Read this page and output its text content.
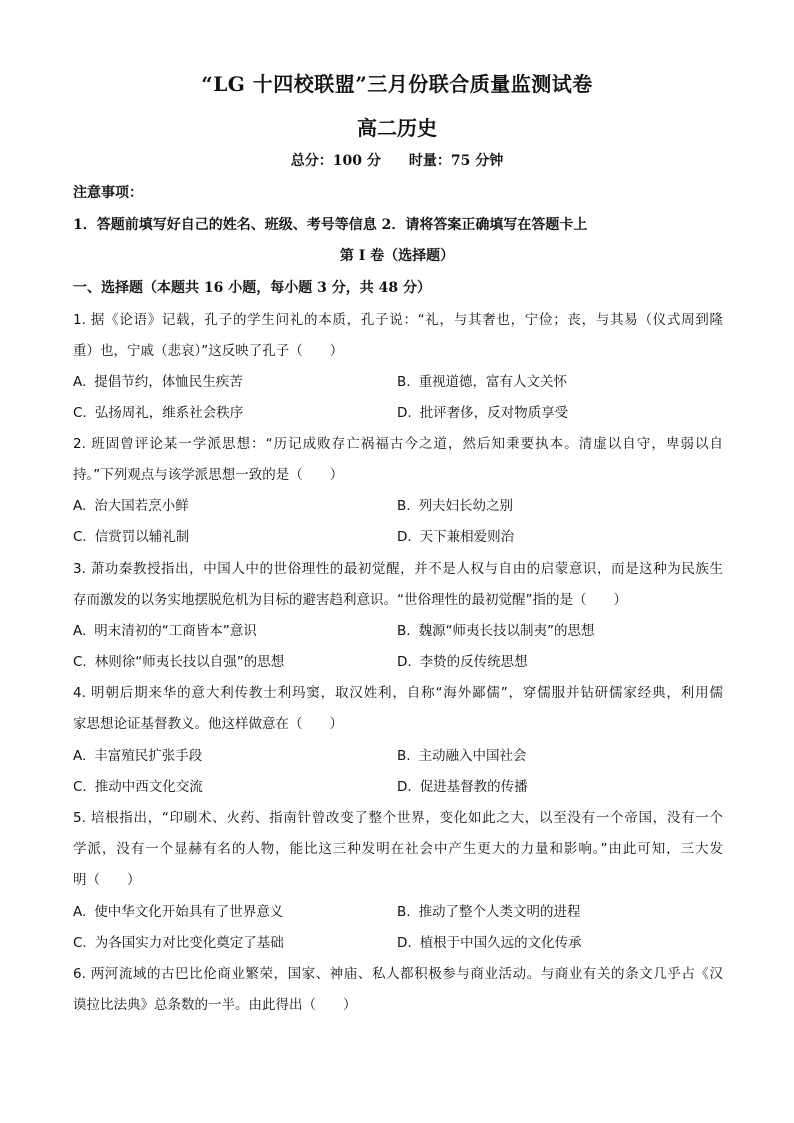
“LG 十四校联盟”三月份联合质量监测试卷
高二历史
总分：100 分 时量：75 分钟
注意事项：
1．答题前填写好自己的姓名、班级、考号等信息 2．请将答案正确填写在答题卡上
第 I 卷（选择题）
一、选择题（本题共 16 小题，每小题 3 分，共 48 分）
1. 据《论语》记载，孔子的学生问礼的本质，孔子说：“礼，与其奢也，宁俭；丧，与其易（仪式周到隆
重）也，宁戚（悲哀）”这反映了孔子（　　）
A. 提倡节约，体恤民生疾苦	B. 重视道德，富有人文关怀
C. 弘扬周礼，维系社会秩序	D. 批评奢侈，反对物质享受
2. 班固曾评论某一学派思想：“历记成败存亡祸福古今之道，然后知秉要执本。清虚以自守，卑弱以自
持。”下列观点与该学派思想一致的是（　　）
A. 治大国若烹小鲜	B. 列夫妇长幼之别
C. 信赏罚以辅礼制	D. 天下兼相爱则治
3. 萧功秦教授指出，中国人中的世俗理性的最初觉醒，并不是人权与自由的启蒙意识，而是这种为民族生
存而激发的以务实地摆脱危机为目标的避害趋利意识。“世俗理性的最初觉醒”指的是（　　）
A. 明末清初的“工商皆本”意识	B. 魏源“师夷长技以制夷”的思想
C. 林则徐“师夷长技以自强”的思想	D. 李贽的反传统思想
4. 明朝后期来华的意大利传教士利玛窦，取汉姓利，自称“海外鄙儒”，穿儒服并钻研儒家经典，利用儒
家思想论证基督教义。他这样做意在（　　）
A. 丰富殖民扩张手段	B. 主动融入中国社会
C. 推动中西文化交流	D. 促进基督教的传播
5. 培根指出，“印刷术、火药、指南针曾改变了整个世界，变化如此之大，以至没有一个帝国，没有一个
学派，没有一个显赫有名的人物，能比这三种发明在社会中产生更大的力量和影响。”由此可知，三大发
明（　　）
A. 使中华文化开始具有了世界意义	B. 推动了整个人类文明的进程
C. 为各国实力对比变化奠定了基础	D. 植根于中国久远的文化传承
6. 两河流域的古巴比伦商业繁荣，国家、神庙、私人都积极参与商业活动。与商业有关的条文几乎占《汉
谟拉比法典》总条数的一半。由此得出（　　）
